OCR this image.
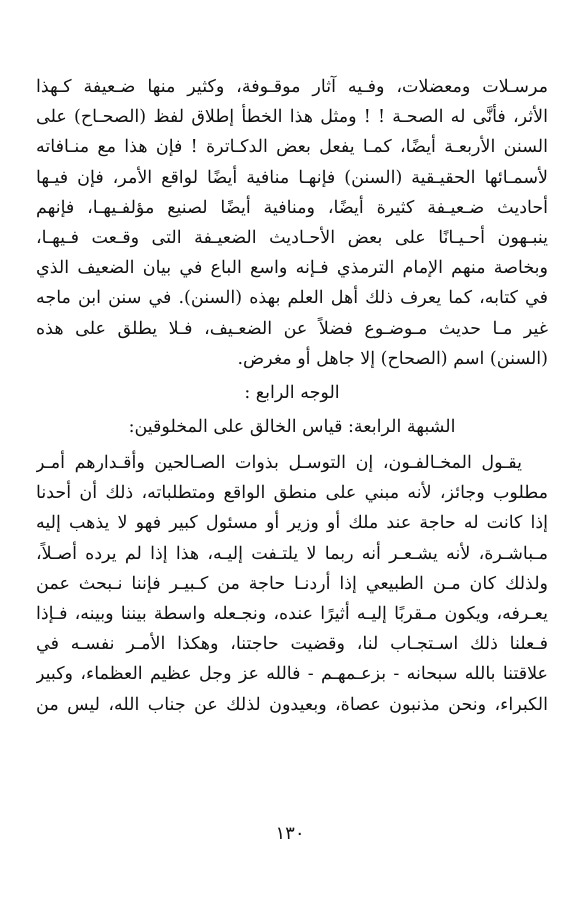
مرسـلات ومعضلات، وفـيه آثار موقـوفة، وكثير منها ضـعيفة كـهذا
الأثر، فأنَّى له الصحـة ! ! ومثل هذا الخطأ إطلاق لفظ (الصحـاح) على
السنن الأربعـة أيضًا، كمـا يفعل بعض الدكـاترة ! فإن هذا مع منـافاته
لأسمـائها الحقيـقية (السنن) فإنهـا منافية أيضًا لواقع الأمر، فإن فيـها
أحاديث ضـعيـفة كثيرة أيضًا، ومنافية أيضًا لصنيع مؤلفـيهـا، فإنهم
ينبـهون أحـيـانًا على بعض الأحـاديث الضعيـفة التى وقـعت فـيهـا،
وبخاصة منهم الإمام الترمذي فـإنه واسع الباع في بيان الضعيف الذي
في كتابه، كما يعرف ذلك أهل العلم بهذه (السنن). في سنن ابن ماجه
غير مـا حديث مـوضـوع فضلاً عن الضعـيف، فـلا يطلق على هذه
(السنن) اسم (الصحاح) إلا جاهل أو مغرض.
الوجه الرابع :
الشبهة الرابعة: قياس الخالق على المخلوقين:
يقـول المخـالفـون، إن التوسـل بذوات الصـالحين وأقـدارهم أمـر
مطلوب وجائز، لأنه مبني على منطق الواقع ومتطلباته، ذلك أن أحدنا
إذا كانت له حاجة عند ملك أو وزير أو مسئول كبير فهو لا يذهب إليه
مـباشـرة، لأنه يشـعـر أنه ربما لا يلتـفت إليـه، هذا إذا لم يرده أصـلاً،
ولذلك كان مـن الطبيعي إذا أردنـا حاجة من كـبيـر فإننا نـبحث عمن
يعـرفه، ويكون مـقربًا إليـه أثيرًا عنده، ونجـعله واسطة بيننا وبينه، فـإذا
فـعلنا ذلك اسـتجـاب لنا، وقضيت حاجتنا، وهكذا الأمـر نفسـه في
علاقتنا بالله سبحانه - بزعـمهـم - فالله عز وجل عظيم العظماء، وكبير
الكبراء، ونحن مذنبون عصاة، وبعيدون لذلك عن جناب الله، ليس من
١٣٠
